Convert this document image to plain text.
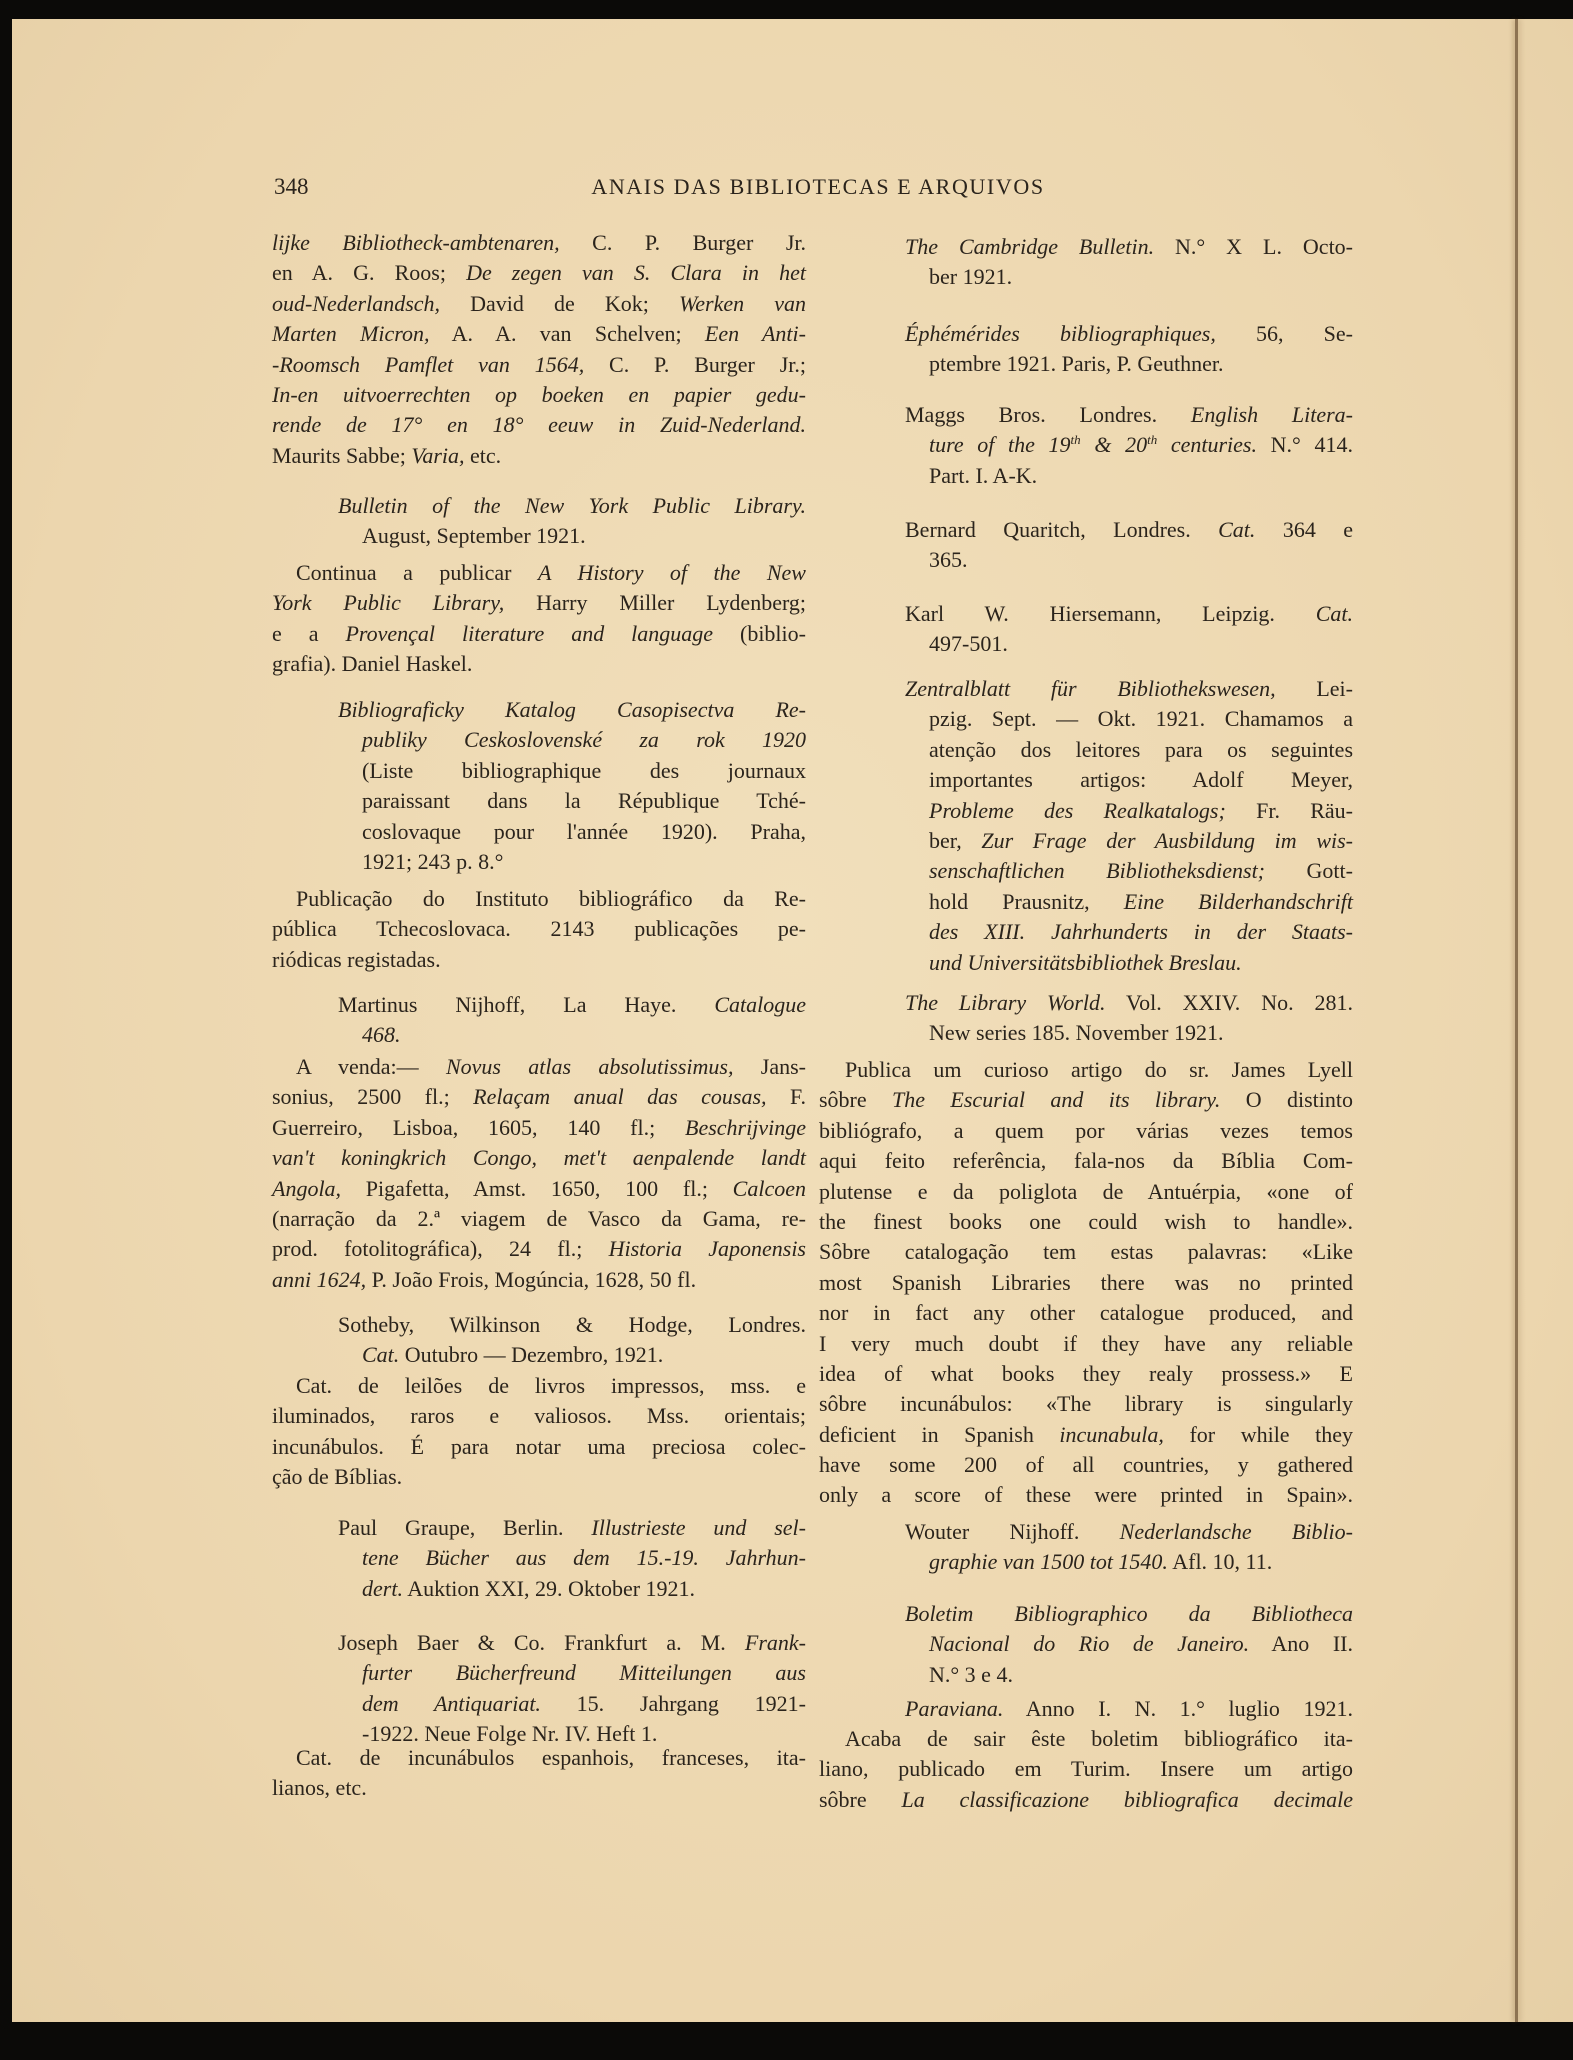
348	ANAIS DAS BIBLIOTECAS E ARQUIVOS
lijke Bibliotheck-ambtenaren, C. P. Burger Jr.
en A. G. Roos; De zegen van S. Clara in het
oud-Nederlandsch, David de Kok; Werken van
Marten Micron, A. A. van Schelven; Een Anti-
-Roomsch Pamflet van 1564, C. P. Burger Jr.;
In-en uitvoerrechten op boeken en papier gedu-
rende de 17° en 18° eeuw in Zuid-Nederland.
Maurits Sabbe; Varia, etc.
Bulletin of the New York Public Library.
August, September 1921.
Continua a publicar A History of the New
York Public Library, Harry Miller Lydenberg;
e a Provençal literature and language (biblio-
grafia). Daniel Haskel.
Bibliograficky Katalog Casopisectva Re-
publiky Ceskoslovenské za rok 1920
(Liste bibliographique des journaux
paraissant dans la République Tché-
coslovaque pour l'année 1920). Praha,
1921; 243 p. 8.°
Publicação do Instituto bibliográfico da Re-
pública Tchecoslovaca. 2143 publicações pe-
riódicas registadas.
Martinus Nijhoff, La Haye. Catalogue
468.
A venda:— Novus atlas absolutissimus, Jans-
sonius, 2500 fl.; Relaçam anual das cousas, F.
Guerreiro, Lisboa, 1605, 140 fl.; Beschrijvinge
van't koningkrich Congo, met't aenpalende landt
Angola, Pigafetta, Amst. 1650, 100 fl.; Calcoen
(narração da 2.ª viagem de Vasco da Gama, re-
prod. fotolitográfica), 24 fl.; Historia Japonensis
anni 1624, P. João Frois, Mogúncia, 1628, 50 fl.
Sotheby, Wilkinson & Hodge, Londres.
Cat. Outubro — Dezembro, 1921.
Cat. de leilões de livros impressos, mss. e
iluminados, raros e valiosos. Mss. orientais;
incunábulos. É para notar uma preciosa colec-
ção de Bíblias.
Paul Graupe, Berlin. Illustrieste und sel-
tene Bücher aus dem 15.-19. Jahrhun-
dert. Auktion XXI, 29. Oktober 1921.
Joseph Baer & Co. Frankfurt a. M. Frank-
furter Bücherfreund Mitteilungen aus
dem Antiquariat. 15. Jahrgang 1921-
-1922. Neue Folge Nr. IV. Heft 1.
Cat. de incunábulos espanhois, franceses, ita-
lianos, etc.
The Cambridge Bulletin. N.° X L. Octo-
ber 1921.
Éphémérides bibliographiques, 56, Se-
ptembre 1921. Paris, P. Geuthner.
Maggs Bros. Londres. English Litera-
ture of the 19th & 20th centuries. N.° 414.
Part. I. A-K.
Bernard Quaritch, Londres. Cat. 364 e
365.
Karl W. Hiersemann, Leipzig. Cat.
497-501.
Zentralblatt für Bibliothekswesen, Lei-
pzig. Sept. — Okt. 1921. Chamamos a
atenção dos leitores para os seguintes
importantes artigos: Adolf Meyer,
Probleme des Realkatalogs; Fr. Räu-
ber, Zur Frage der Ausbildung im wis-
senschaftlichen Bibliotheksdienst; Gott-
hold Prausnitz, Eine Bilderhandschrift
des XIII. Jahrhunderts in der Staats-
und Universitätsbibliothek Breslau.
The Library World. Vol. XXIV. No. 281.
New series 185. November 1921.
Publica um curioso artigo do sr. James Lyell
sôbre The Escurial and its library. O distinto
bibliógrafo, a quem por várias vezes temos
aqui feito referência, fala-nos da Bíblia Com-
plutense e da poliglota de Antuérpia, «one of
the finest books one could wish to handle».
Sôbre catalogação tem estas palavras: «Like
most Spanish Libraries there was no printed
nor in fact any other catalogue produced, and
I very much doubt if they have any reliable
idea of what books they realy prossess.» E
sôbre incunábulos: «The library is singularly
deficient in Spanish incunabula, for while they
have some 200 of all countries, y gathered
only a score of these were printed in Spain».
Wouter Nijhoff. Nederlandsche Biblio-
graphie van 1500 tot 1540. Afl. 10, 11.
Boletim Bibliographico da Bibliotheca
Nacional do Rio de Janeiro. Ano II.
N.° 3 e 4.
Paraviana. Anno I. N. 1.° luglio 1921.
Acaba de sair êste boletim bibliográfico ita-
liano, publicado em Turim. Insere um artigo
sôbre La classificazione bibliografica decimale
